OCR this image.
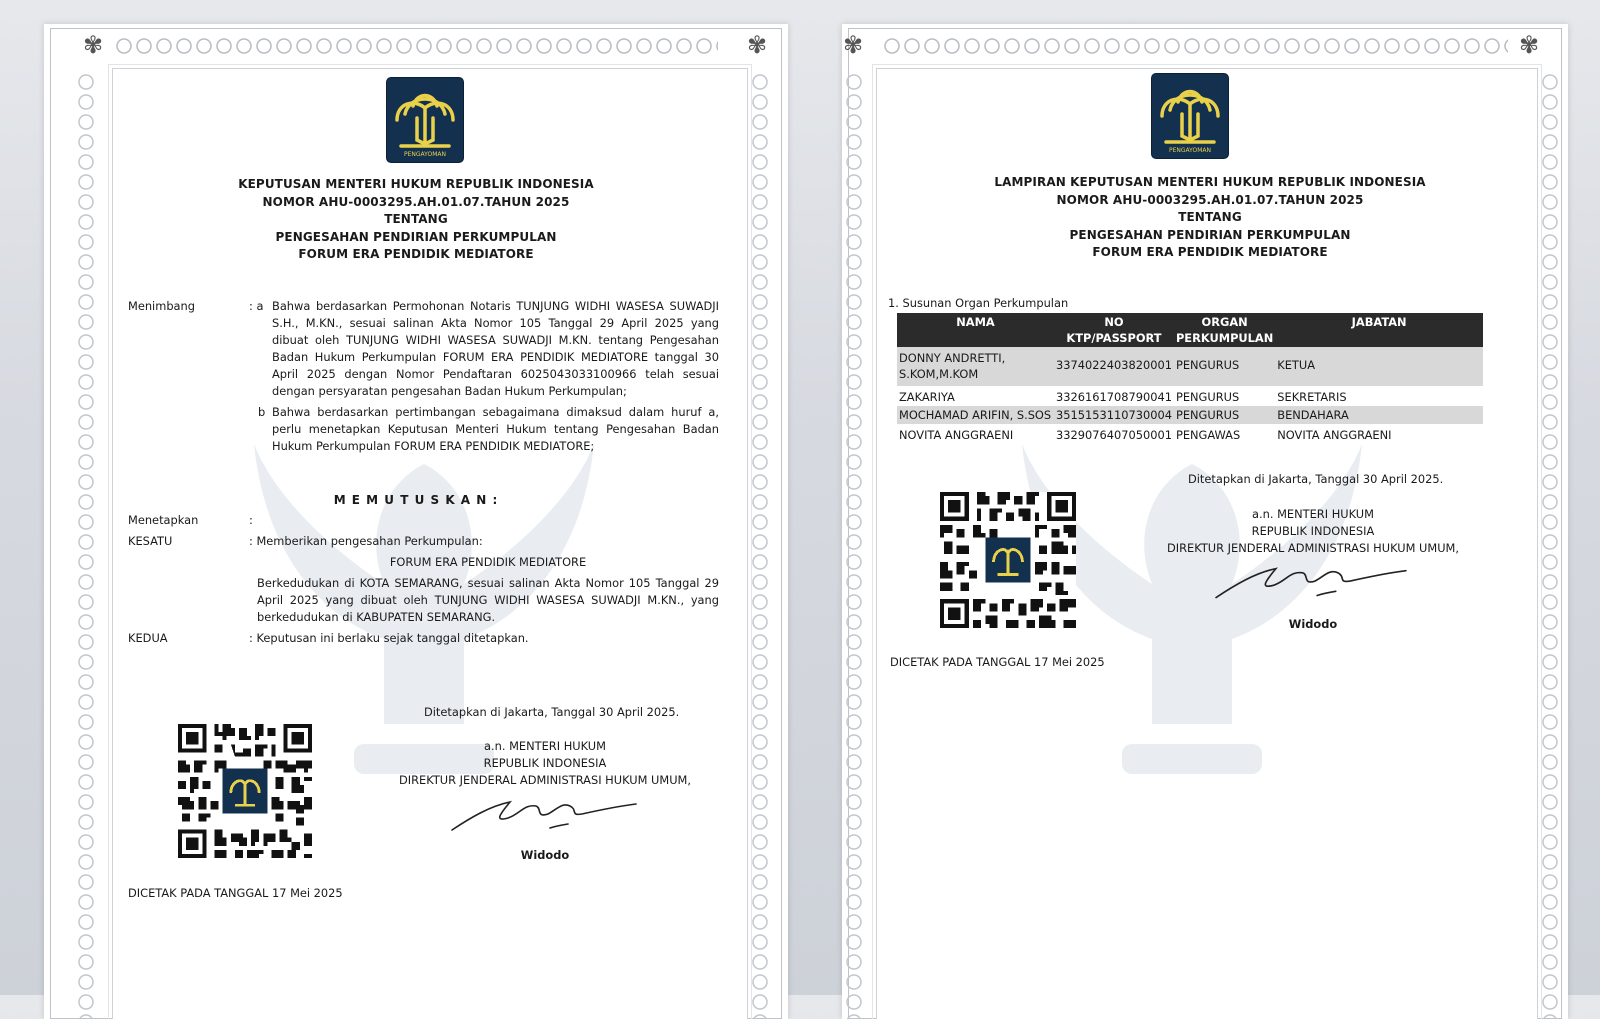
✾	✾
PENGAYOMAN
KEPUTUSAN MENTERI HUKUM REPUBLIK INDONESIA
NOMOR AHU-0003295.AH.01.07.TAHUN 2025
TENTANG
PENGESAHAN PENDIRIAN PERKUMPULAN
FORUM ERA PENDIDIK MEDIATORE
Menimbang	: a Bahwa berdasarkan Permohonan Notaris TUNJUNG WIDHI WASESA SUWADJI S.H., M.KN., sesuai salinan Akta Nomor 105 Tanggal 29 April 2025 yang dibuat oleh TUNJUNG WIDHI WASESA SUWADJI M.KN. tentang Pengesahan Badan Hukum Perkumpulan FORUM ERA PENDIDIK MEDIATORE tanggal 30 April 2025 dengan Nomor Pendaftaran 6025043033100966 telah sesuai dengan persyaratan pengesahan Badan Hukum Perkumpulan;
b Bahwa berdasarkan pertimbangan sebagaimana dimaksud dalam huruf a, perlu menetapkan Keputusan Menteri Hukum tentang Pengesahan Badan Hukum Perkumpulan FORUM ERA PENDIDIK MEDIATORE;
M E M U T U S K A N :
Menetapkan	:
KESATU	: Memberikan pengesahan Perkumpulan:
FORUM ERA PENDIDIK MEDIATORE
Berkedudukan di KOTA SEMARANG, sesuai salinan Akta Nomor 105 Tanggal 29 April 2025 yang dibuat oleh TUNJUNG WIDHI WASESA SUWADJI M.KN., yang berkedudukan di KABUPATEN SEMARANG.
KEDUA	: Keputusan ini berlaku sejak tanggal ditetapkan.
Ditetapkan di Jakarta, Tanggal 30 April 2025.
a.n. MENTERI HUKUM
REPUBLIK INDONESIA
DIREKTUR JENDERAL ADMINISTRASI HUKUM UMUM,
Widodo
DICETAK PADA TANGGAL 17 Mei 2025
✾	✾
PENGAYOMAN
LAMPIRAN KEPUTUSAN MENTERI HUKUM REPUBLIK INDONESIA
NOMOR AHU-0003295.AH.01.07.TAHUN 2025
TENTANG
PENGESAHAN PENDIRIAN PERKUMPULAN
FORUM ERA PENDIDIK MEDIATORE
1. Susunan Organ Perkumpulan
NAMA	NO KTP/PASSPORT	ORGAN PERKUMPULAN	JABATAN
DONNY ANDRETTI, S.KOM,M.KOM	3374022403820001	PENGURUS	KETUA
ZAKARIYA	3326161708790041	PENGURUS	SEKRETARIS
MOCHAMAD ARIFIN, S.SOS	3515153110730004	PENGURUS	BENDAHARA
NOVITA ANGGRAENI	3329076407050001	PENGAWAS	NOVITA ANGGRAENI
Ditetapkan di Jakarta, Tanggal 30 April 2025.
a.n. MENTERI HUKUM
REPUBLIK INDONESIA
DIREKTUR JENDERAL ADMINISTRASI HUKUM UMUM,
Widodo
DICETAK PADA TANGGAL 17 Mei 2025
